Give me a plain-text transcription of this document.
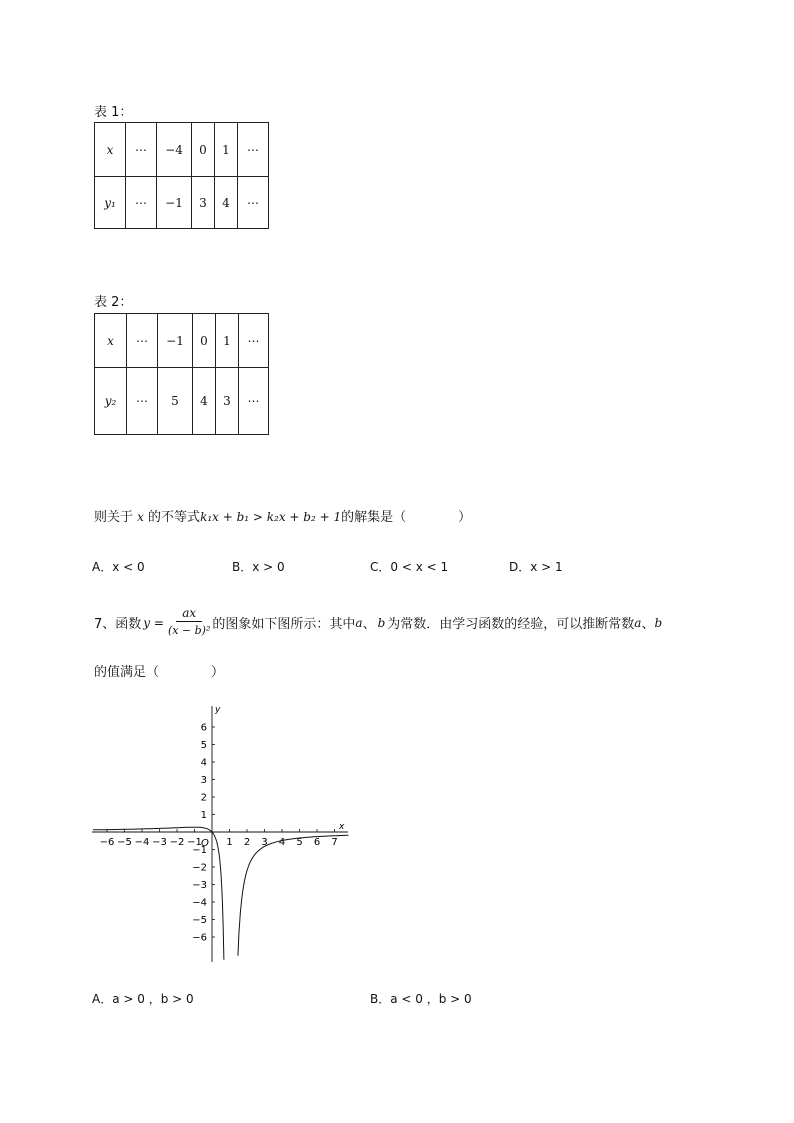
表 1：
x	⋯	−4	0	1	⋯
y₁	⋯	−1	3	4	⋯
表 2：
x	⋯	−1	0	1	⋯
y₂	⋯	5	4	3	⋯
则关于 x 的不等式k₁x + b₁ > k₂x + b₂ + 1的解集是（　　　　）
A．x < 0	B．x > 0	C．0 < x < 1	D．x > 1
7、函数 $y = \frac{ax}{\text{(x − b)²}}$ 的图象如下图所示：其中 a 、 b 为常数．由学习函数的经验，可以推断常数 a 、 b
的值满足（　　　　）
−6 −5 −4 −3 −2 −1 1 2 3 4 5 6 7
6
5
4
3
2
1
−1
−2
−3
−4
−5
−6
x
y
O
A．a > 0 ，b > 0	B．a < 0 ，b > 0
